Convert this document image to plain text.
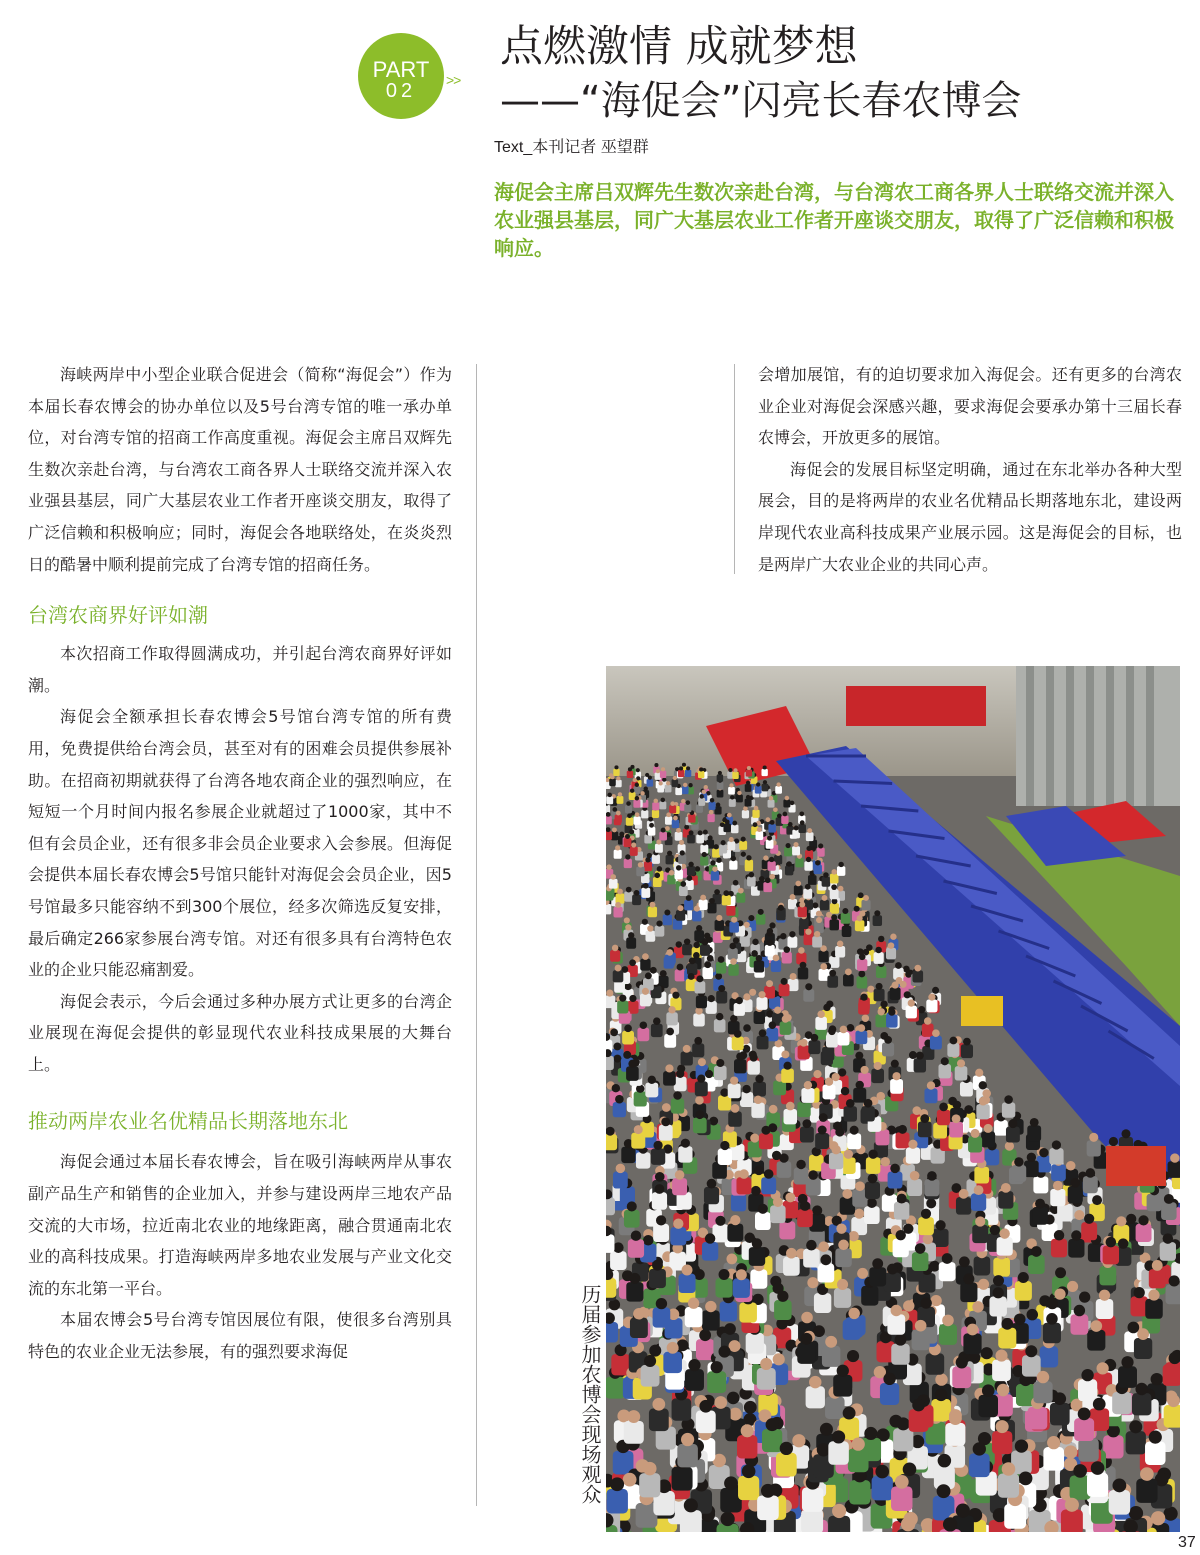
PART
02	>>
点燃激情 成就梦想
——“海促会”闪亮长春农博会
Text_本刊记者 巫望群
海促会主席吕双辉先生数次亲赴台湾，与台湾农工商各界人士联络交流并深入农业强县基层，同广大基层农业工作者开座谈交朋友，取得了广泛信赖和积极响应。

海峡两岸中小型企业联合促进会（简称“海促会”）作为本届长春农博会的协办单位以及5号台湾专馆的唯一承办单位，对台湾专馆的招商工作高度重视。海促会主席吕双辉先生数次亲赴台湾，与台湾农工商各界人士联络交流并深入农业强县基层，同广大基层农业工作者开座谈交朋友，取得了广泛信赖和积极响应；同时，海促会各地联络处，在炎炎烈日的酷暑中顺利提前完成了台湾专馆的招商任务。

台湾农商界好评如潮

本次招商工作取得圆满成功，并引起台湾农商界好评如潮。

海促会全额承担长春农博会5号馆台湾专馆的所有费用，免费提供给台湾会员，甚至对有的困难会员提供参展补助。在招商初期就获得了台湾各地农商企业的强烈响应，在短短一个月时间内报名参展企业就超过了1000家，其中不但有会员企业，还有很多非会员企业要求入会参展。但海促会提供本届长春农博会5号馆只能针对海促会会员企业，因5号馆最多只能容纳不到300个展位，经多次筛选反复安排，最后确定266家参展台湾专馆。对还有很多具有台湾特色农业的企业只能忍痛割爱。

海促会表示，今后会通过多种办展方式让更多的台湾企业展现在海促会提供的彰显现代农业科技成果展的大舞台上。

推动两岸农业名优精品长期落地东北

海促会通过本届长春农博会，旨在吸引海峡两岸从事农副产品生产和销售的企业加入，并参与建设两岸三地农产品交流的大市场，拉近南北农业的地缘距离，融合贯通南北农业的高科技成果。打造海峡两岸多地农业发展与产业文化交流的东北第一平台。

本届农博会5号台湾专馆因展位有限，使很多台湾别具特色的农业企业无法参展，有的强烈要求海促

会增加展馆，有的迫切要求加入海促会。还有更多的台湾农业企业对海促会深感兴趣，要求海促会要承办第十三届长春农博会，开放更多的展馆。

海促会的发展目标坚定明确，通过在东北举办各种大型展会，目的是将两岸的农业名优精品长期落地东北，建设两岸现代农业高科技成果产业展示园。这是海促会的目标，也是两岸广大农业企业的共同心声。

历届参加农博会现场观众
37
